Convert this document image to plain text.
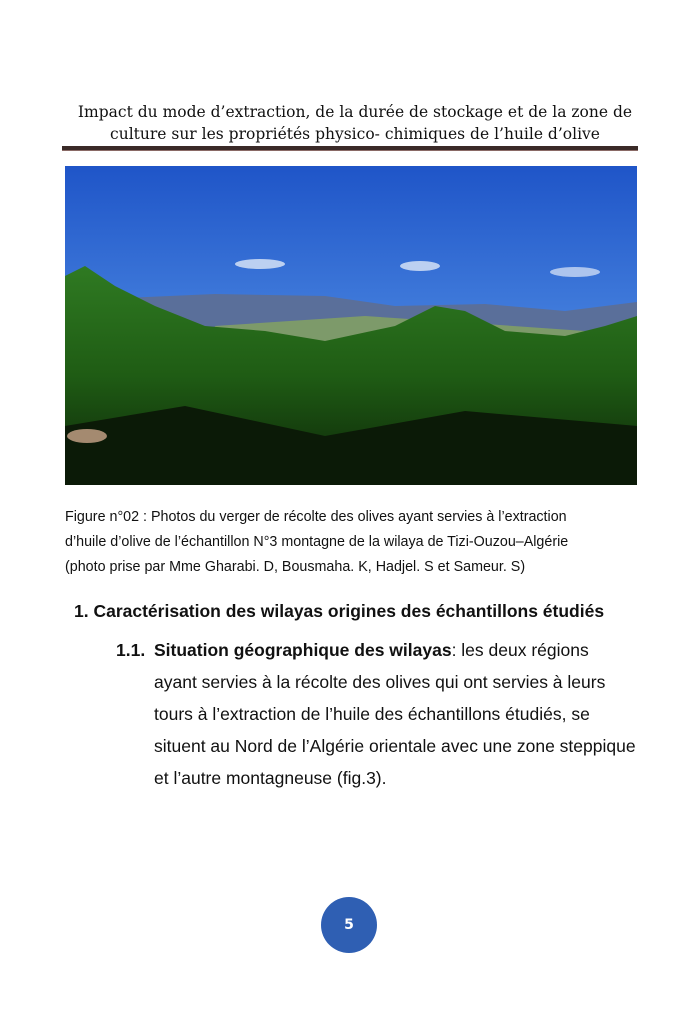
Impact du mode d’extraction, de la durée de stockage et de la zone de
culture sur les propriétés physico- chimiques de l’huile d’olive
Figure n°02 : Photos du verger de récolte des olives ayant servies à l’extraction
d’huile d’olive de l’échantillon N°3 montagne de la wilaya de Tizi-Ouzou–Algérie
(photo prise par Mme Gharabi. D, Bousmaha. K, Hadjel. S et Sameur. S)
1. Caractérisation des wilayas origines des échantillons étudiés
1.1. Situation géographique des wilayas: les deux régions
ayant servies à la récolte des olives qui ont servies à leurs tours à l’extraction de l’huile des échantillons étudiés, se situent au Nord de l’Algérie orientale avec une zone steppique et l’autre montagneuse (fig.3).
5
